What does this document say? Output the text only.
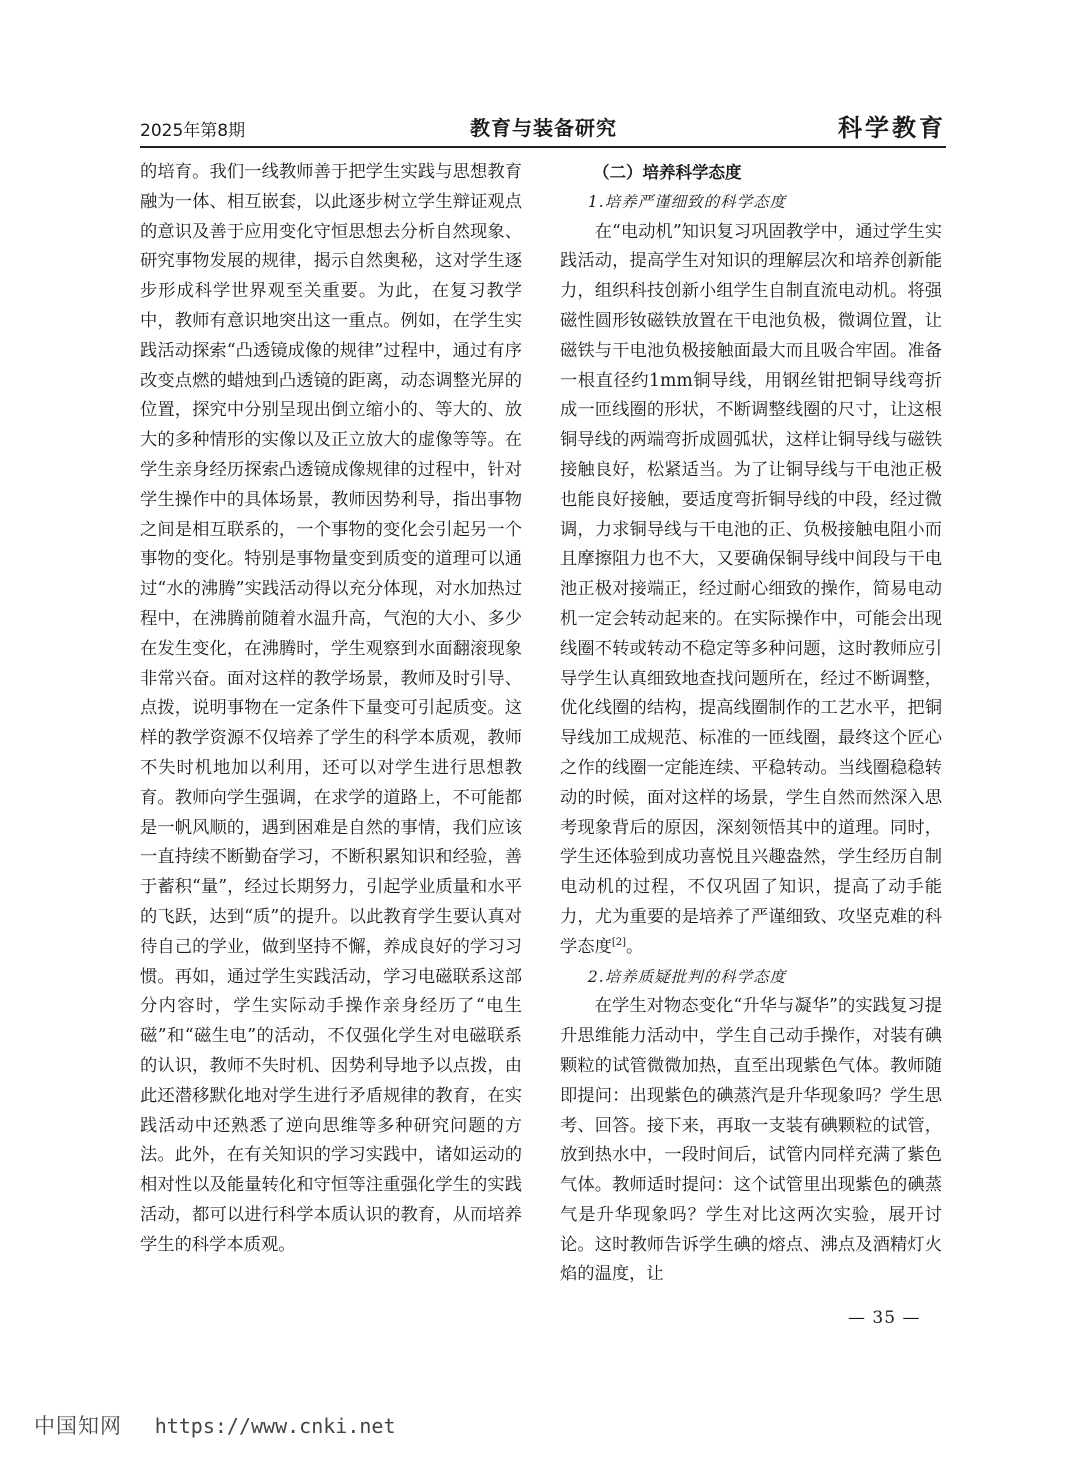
2025年第8期	教育与装备研究	科学教育

的培育。我们一线教师善于把学生实践与思想教育融为一体、相互嵌套，以此逐步树立学生辩证观点的意识及善于应用变化守恒思想去分析自然现象、研究事物发展的规律，揭示自然奥秘，这对学生逐步形成科学世界观至关重要。为此，在复习教学中，教师有意识地突出这一重点。例如，在学生实践活动探索“凸透镜成像的规律”过程中，通过有序改变点燃的蜡烛到凸透镜的距离，动态调整光屏的位置，探究中分别呈现出倒立缩小的、等大的、放大的多种情形的实像以及正立放大的虚像等等。在学生亲身经历探索凸透镜成像规律的过程中，针对学生操作中的具体场景，教师因势利导，指出事物之间是相互联系的，一个事物的变化会引起另一个事物的变化。特别是事物量变到质变的道理可以通过“水的沸腾”实践活动得以充分体现，对水加热过程中，在沸腾前随着水温升高，气泡的大小、多少在发生变化，在沸腾时，学生观察到水面翻滚现象非常兴奋。面对这样的教学场景，教师及时引导、点拨，说明事物在一定条件下量变可引起质变。这样的教学资源不仅培养了学生的科学本质观，教师不失时机地加以利用，还可以对学生进行思想教育。教师向学生强调，在求学的道路上，不可能都是一帆风顺的，遇到困难是自然的事情，我们应该一直持续不断勤奋学习，不断积累知识和经验，善于蓄积“量”，经过长期努力，引起学业质量和水平的飞跃，达到“质”的提升。以此教育学生要认真对待自己的学业，做到坚持不懈，养成良好的学习习惯。再如，通过学生实践活动，学习电磁联系这部分内容时，学生实际动手操作亲身经历了“电生磁”和“磁生电”的活动，不仅强化学生对电磁联系的认识，教师不失时机、因势利导地予以点拨，由此还潜移默化地对学生进行矛盾规律的教育，在实践活动中还熟悉了逆向思维等多种研究问题的方法。此外，在有关知识的学习实践中，诸如运动的相对性以及能量转化和守恒等注重强化学生的实践活动，都可以进行科学本质认识的教育，从而培养学生的科学本质观。

（二）培养科学态度

1.培养严谨细致的科学态度

在“电动机”知识复习巩固教学中，通过学生实践活动，提高学生对知识的理解层次和培养创新能力，组织科技创新小组学生自制直流电动机。将强磁性圆形钕磁铁放置在干电池负极，微调位置，让磁铁与干电池负极接触面最大而且吸合牢固。准备一根直径约1mm铜导线，用钢丝钳把铜导线弯折成一匝线圈的形状，不断调整线圈的尺寸，让这根铜导线的两端弯折成圆弧状，这样让铜导线与磁铁接触良好，松紧适当。为了让铜导线与干电池正极也能良好接触，要适度弯折铜导线的中段，经过微调，力求铜导线与干电池的正、负极接触电阻小而且摩擦阻力也不大，又要确保铜导线中间段与干电池正极对接端正，经过耐心细致的操作，简易电动机一定会转动起来的。在实际操作中，可能会出现线圈不转或转动不稳定等多种问题，这时教师应引导学生认真细致地查找问题所在，经过不断调整，优化线圈的结构，提高线圈制作的工艺水平，把铜导线加工成规范、标准的一匝线圈，最终这个匠心之作的线圈一定能连续、平稳转动。当线圈稳稳转动的时候，面对这样的场景，学生自然而然深入思考现象背后的原因，深刻领悟其中的道理。同时，学生还体验到成功喜悦且兴趣盎然，学生经历自制电动机的过程，不仅巩固了知识，提高了动手能力，尤为重要的是培养了严谨细致、攻坚克难的科学态度[2]。

2.培养质疑批判的科学态度

在学生对物态变化“升华与凝华”的实践复习提升思维能力活动中，学生自己动手操作，对装有碘颗粒的试管微微加热，直至出现紫色气体。教师随即提问：出现紫色的碘蒸汽是升华现象吗？学生思考、回答。接下来，再取一支装有碘颗粒的试管，放到热水中，一段时间后，试管内同样充满了紫色气体。教师适时提问：这个试管里出现紫色的碘蒸气是升华现象吗？学生对比这两次实验，展开讨论。这时教师告诉学生碘的熔点、沸点及酒精灯火焰的温度，让

— 35 —
中国知网 https://www.cnki.net
